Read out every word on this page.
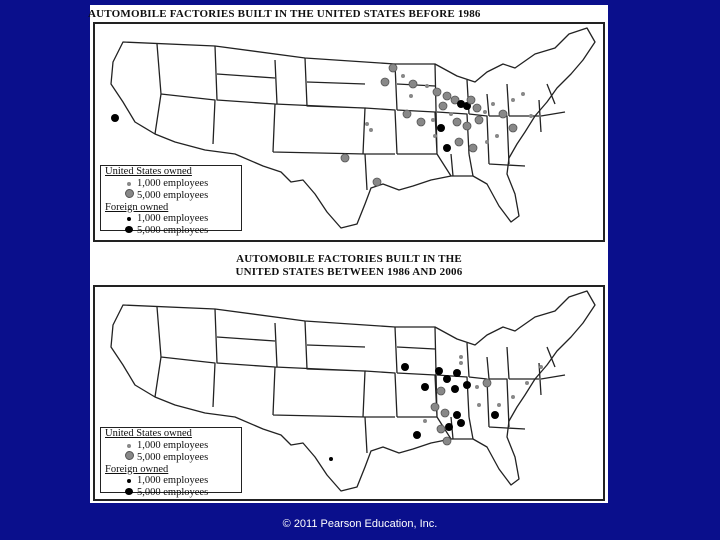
AUTOMOBILE FACTORIES BUILT IN THE UNITED STATES BEFORE 1986
AUTOMOBILE FACTORIES BUILT IN THE
UNITED STATES BETWEEN 1986 AND 2006
United States owned
1,000 employees
5,000 employees
Foreign owned
1,000 employees
5,000 employees
United States owned
1,000 employees
5,000 employees
Foreign owned
1,000 employees
5,000 employees
© 2011 Pearson Education, Inc.
